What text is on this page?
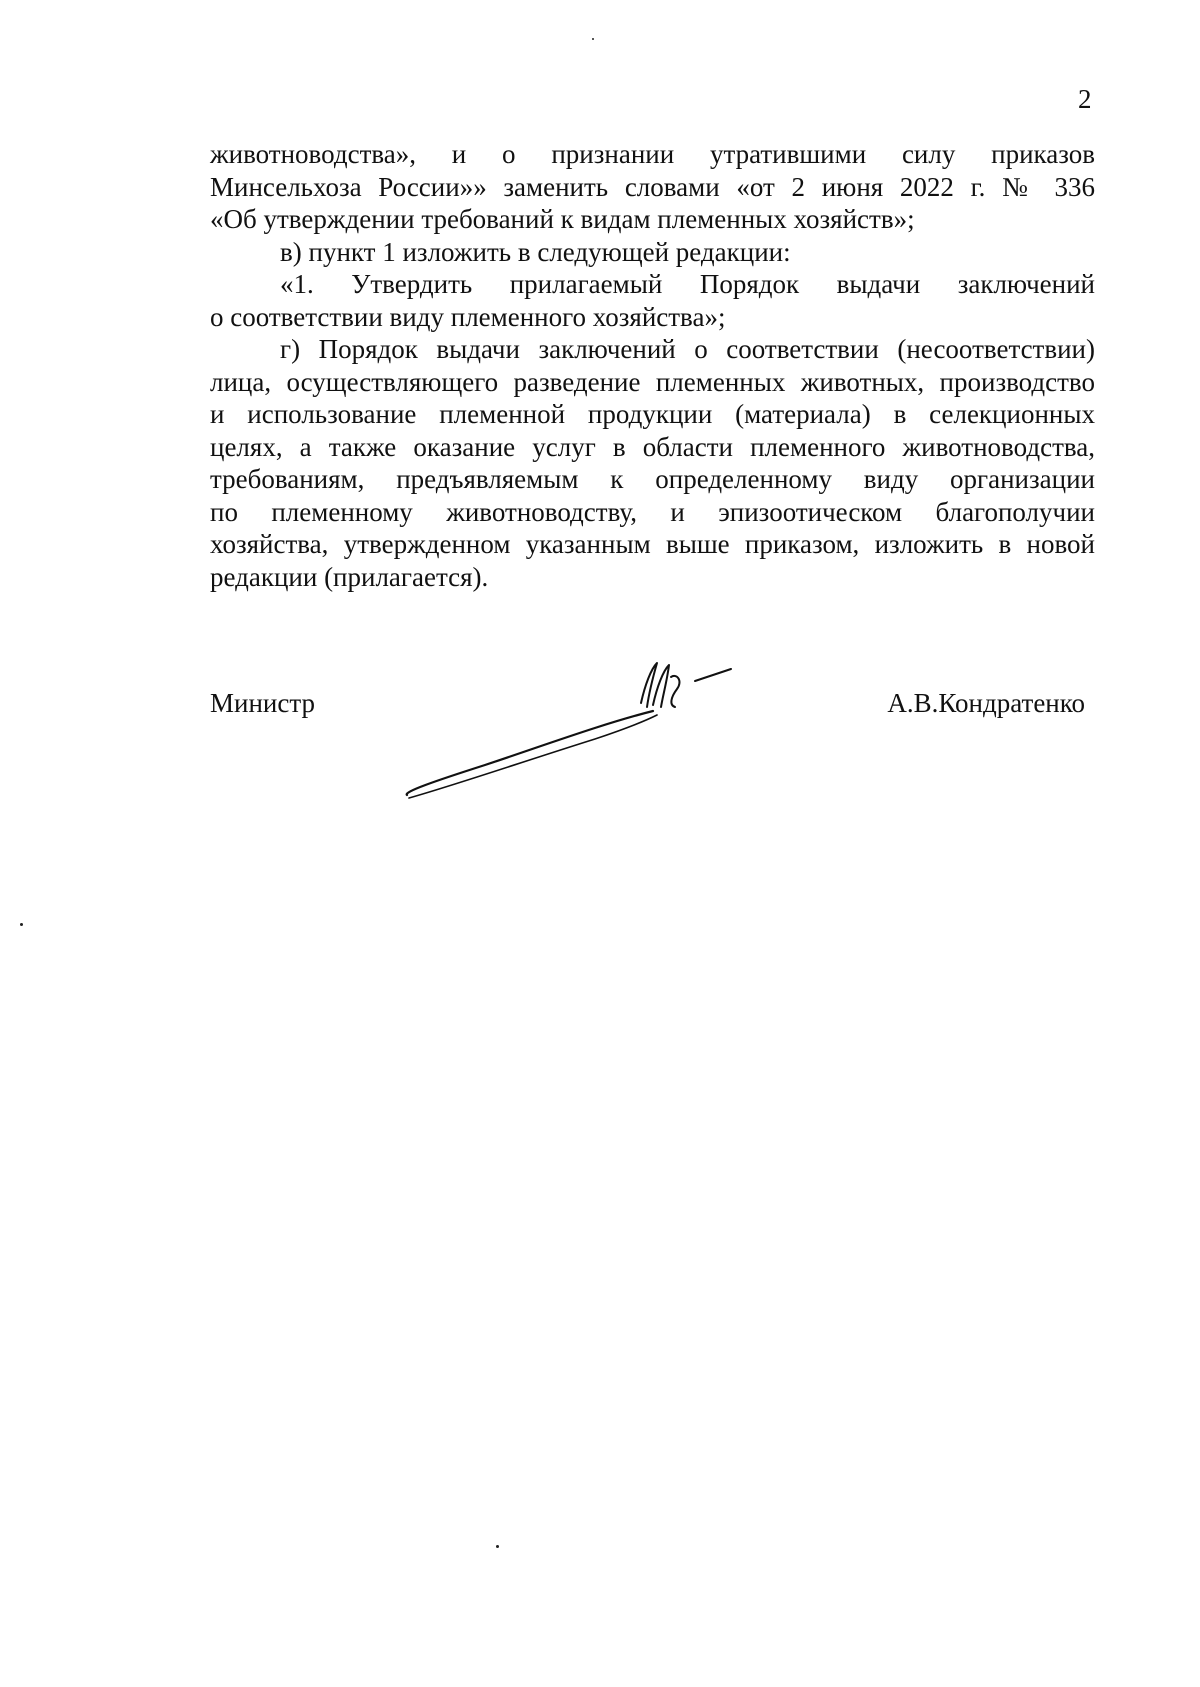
2

животноводства», и о признании утратившими силу приказов

Минсельхоза России»» заменить словами «от 2 июня 2022 г. № 336

«Об утверждении требований к видам племенных хозяйств»;

в) пункт 1 изложить в следующей редакции:

«1. Утвердить прилагаемый Порядок выдачи заключений

о соответствии виду племенного хозяйства»;

г) Порядок выдачи заключений о соответствии (несоответствии)

лица, осуществляющего разведение племенных животных, производство

и использование племенной продукции (материала) в селекционных

целях, а также оказание услуг в области племенного животноводства,

требованиям, предъявляемым к определенному виду организации

по племенному животноводству, и эпизоотическом благополучии

хозяйства, утвержденном указанным выше приказом, изложить в новой

редакции (прилагается).

Министр	А.В.Кондратенко
